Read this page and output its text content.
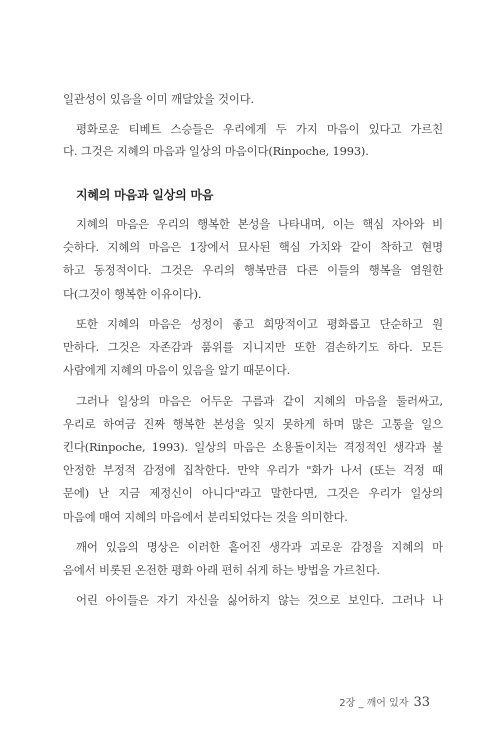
일관성이 있음을 이미 깨달았을 것이다.
평화로운 티베트 스승들은 우리에게 두 가지 마음이 있다고 가르친
다. 그것은 지혜의 마음과 일상의 마음이다(Rinpoche, 1993).
지혜의 마음과 일상의 마음
지혜의 마음은 우리의 행복한 본성을 나타내며, 이는 핵심 자아와 비
슷하다. 지혜의 마음은 1장에서 묘사된 핵심 가치와 같이 착하고 현명
하고 동정적이다. 그것은 우리의 행복만큼 다른 이들의 행복을 염원한
다(그것이 행복한 이유이다).
또한 지혜의 마음은 성정이 좋고 희망적이고 평화롭고 단순하고 원
만하다. 그것은 자존감과 품위를 지니지만 또한 겸손하기도 하다. 모든
사람에게 지혜의 마음이 있음을 알기 때문이다.
그러나 일상의 마음은 어두운 구름과 같이 지혜의 마음을 둘러싸고,
우리로 하여금 진짜 행복한 본성을 잊지 못하게 하며 많은 고통을 일으
킨다(Rinpoche, 1993). 일상의 마음은 소용돌이치는 격정적인 생각과 불
안정한 부정적 감정에 집착한다. 만약 우리가 "화가 나서 (또는 걱정 때
문에) 난 지금 제정신이 아니다"라고 말한다면, 그것은 우리가 일상의
마음에 매여 지혜의 마음에서 분리되었다는 것을 의미한다.
깨어 있음의 명상은 이러한 흩어진 생각과 괴로운 감정을 지혜의 마
음에서 비롯된 온전한 평화 아래 편히 쉬게 하는 방법을 가르친다.
어린 아이들은 자기 자신을 싫어하지 않는 것으로 보인다. 그러나 나
2장 _ 깨어 있자 33
